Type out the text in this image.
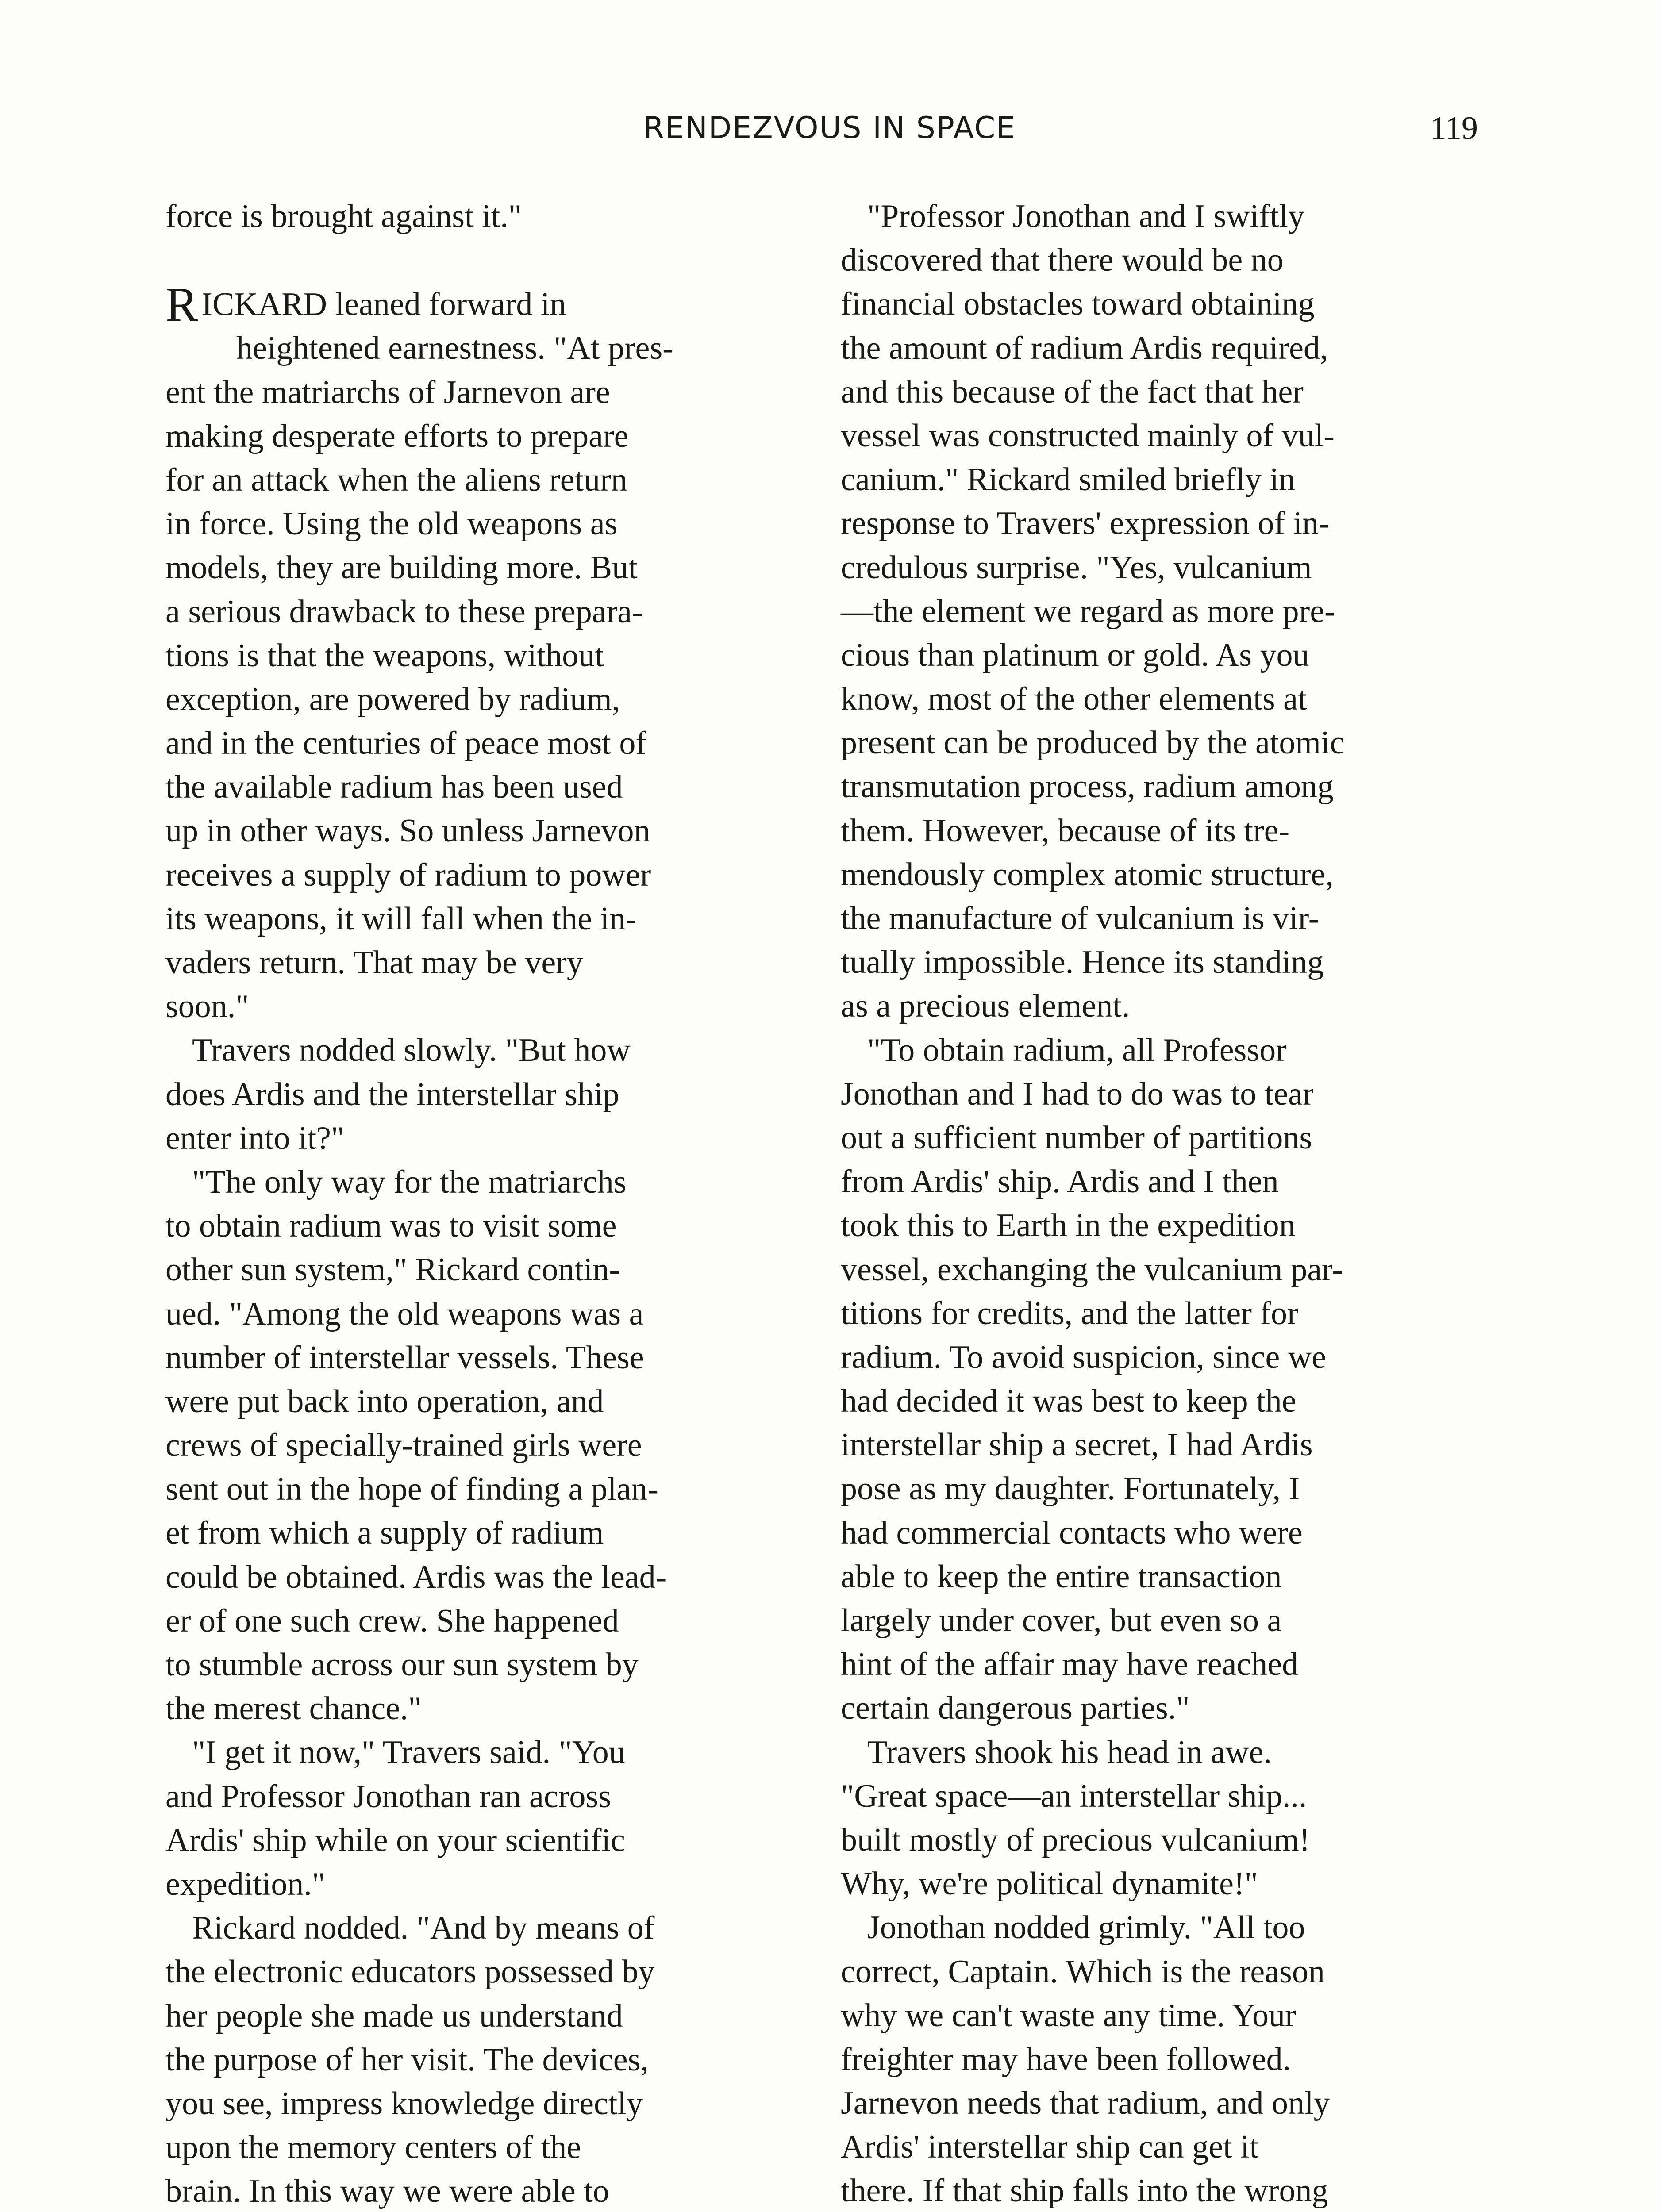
RENDEZVOUS IN SPACE	119
force is brought against it."
R ICKARD leaned forward in
heightened earnestness. "At pres-
ent the matriarchs of Jarnevon are
making desperate efforts to prepare
for an attack when the aliens return
in force. Using the old weapons as
models, they are building more. But
a serious drawback to these prepara-
tions is that the weapons, without
exception, are powered by radium,
and in the centuries of peace most of
the available radium has been used
up in other ways. So unless Jarnevon
receives a supply of radium to power
its weapons, it will fall when the in-
vaders return. That may be very
soon."
Travers nodded slowly. "But how
does Ardis and the interstellar ship
enter into it?"
"The only way for the matriarchs
to obtain radium was to visit some
other sun system," Rickard contin-
ued. "Among the old weapons was a
number of interstellar vessels. These
were put back into operation, and
crews of specially-trained girls were
sent out in the hope of finding a plan-
et from which a supply of radium
could be obtained. Ardis was the lead-
er of one such crew. She happened
to stumble across our sun system by
the merest chance."
"I get it now," Travers said. "You
and Professor Jonothan ran across
Ardis' ship while on your scientific
expedition."
Rickard nodded. "And by means of
the electronic educators possessed by
her people she made us understand
the purpose of her visit. The devices,
you see, impress knowledge directly
upon the memory centers of the
brain. In this way we were able to
"Professor Jonothan and I swiftly
discovered that there would be no
financial obstacles toward obtaining
the amount of radium Ardis required,
and this because of the fact that her
vessel was constructed mainly of vul-
canium." Rickard smiled briefly in
response to Travers' expression of in-
credulous surprise. "Yes, vulcanium
—the element we regard as more pre-
cious than platinum or gold. As you
know, most of the other elements at
present can be produced by the atomic
transmutation process, radium among
them. However, because of its tre-
mendously complex atomic structure,
the manufacture of vulcanium is vir-
tually impossible. Hence its standing
as a precious element.
"To obtain radium, all Professor
Jonothan and I had to do was to tear
out a sufficient number of partitions
from Ardis' ship. Ardis and I then
took this to Earth in the expedition
vessel, exchanging the vulcanium par-
titions for credits, and the latter for
radium. To avoid suspicion, since we
had decided it was best to keep the
interstellar ship a secret, I had Ardis
pose as my daughter. Fortunately, I
had commercial contacts who were
able to keep the entire transaction
largely under cover, but even so a
hint of the affair may have reached
certain dangerous parties."
Travers shook his head in awe.
"Great space—an interstellar ship...
built mostly of precious vulcanium!
Why, we're political dynamite!"
Jonothan nodded grimly. "All too
correct, Captain. Which is the reason
why we can't waste any time. Your
freighter may have been followed.
Jarnevon needs that radium, and only
Ardis' interstellar ship can get it
there. If that ship falls into the wrong
